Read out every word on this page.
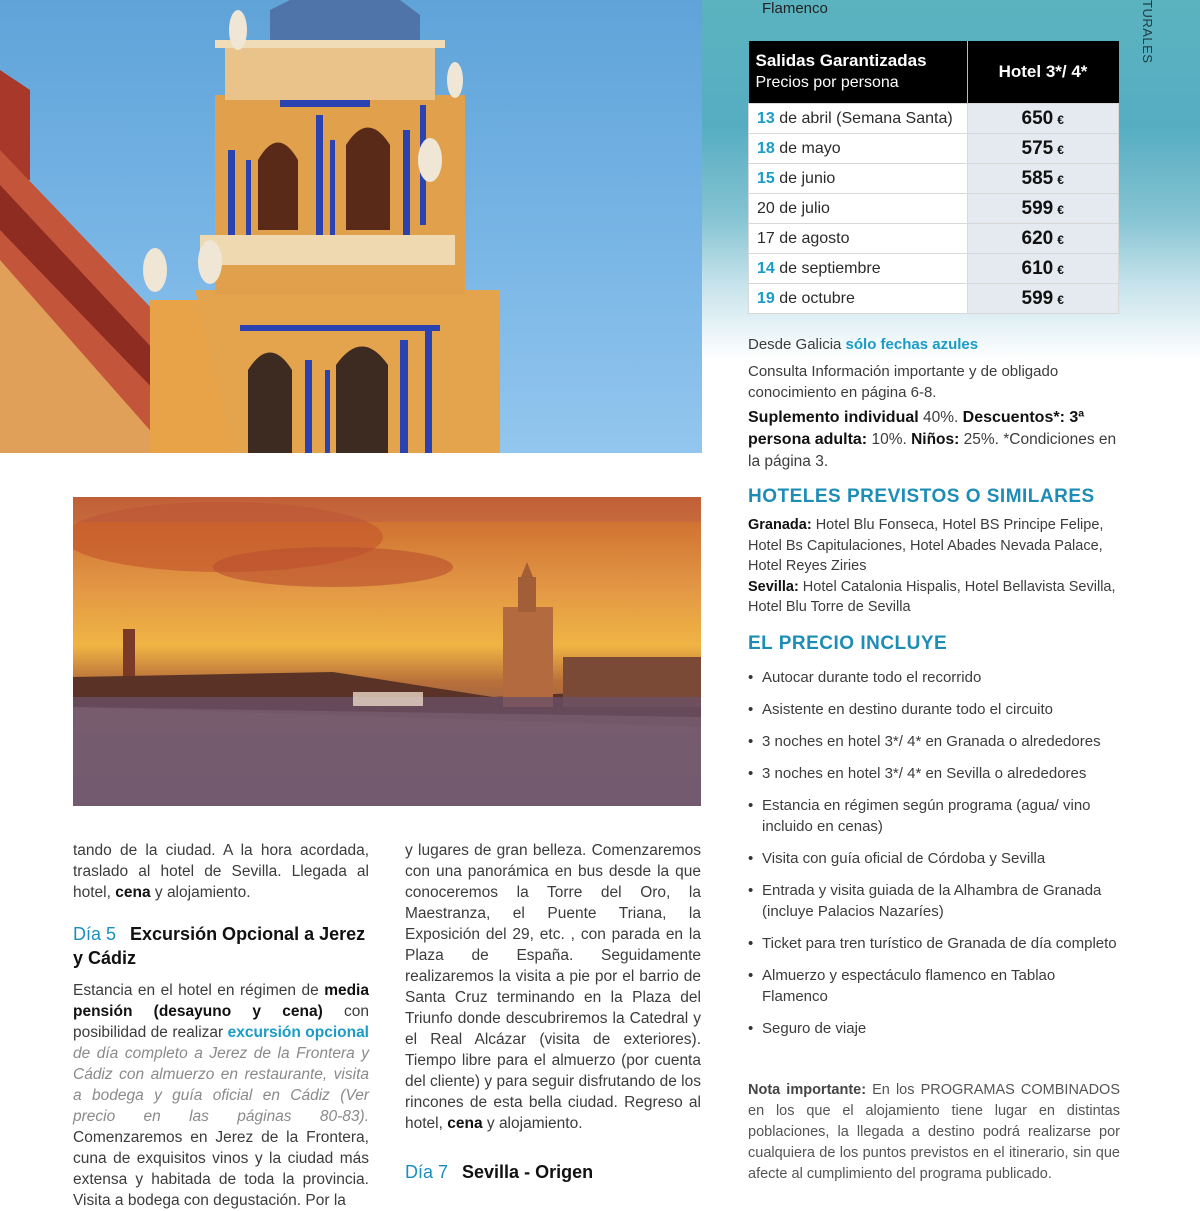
TURALES
Flamenco
Salidas Garantizadas
Precios por persona	Hotel 3*/ 4*
13 de abril (Semana Santa)	650 €
18 de mayo	575 €
15 de junio	585 €
20 de julio	599 €
17 de agosto	620 €
14 de septiembre	610 €
19 de octubre	599 €
Desde Galicia sólo fechas azules
Consulta Información importante y de obligado conocimiento en página 6-8.
Suplemento individual 40%. Descuentos*: 3ª persona adulta: 10%. Niños: 25%. *Condiciones en la página 3.
HOTELES PREVISTOS O SIMILARES
Granada: Hotel Blu Fonseca, Hotel BS Principe Felipe, Hotel Bs Capitulaciones, Hotel Abades Nevada Palace, Hotel Reyes Ziries
Sevilla: Hotel Catalonia Hispalis, Hotel Bellavista Sevilla, Hotel Blu Torre de Sevilla
EL PRECIO INCLUYE
• Autocar durante todo el recorrido
• Asistente en destino durante todo el circuito
• 3 noches en hotel 3*/ 4* en Granada o alrededores
• 3 noches en hotel 3*/ 4* en Sevilla o alrededores
• Estancia en régimen según programa (agua/ vino incluido en cenas)
• Visita con guía oficial de Córdoba y Sevilla
• Entrada y visita guiada de la Alhambra de Granada (incluye Palacios Nazaríes)
• Ticket para tren turístico de Granada de día completo
• Almuerzo y espectáculo flamenco en Tablao Flamenco
• Seguro de viaje
Nota importante: En los PROGRAMAS COMBINADOS en los que el alojamiento tiene lugar en distintas poblaciones, la llegada a destino podrá realizarse por cualquiera de los puntos previstos en el itinerario, sin que afecte al cumplimiento del programa publicado.
tando de la ciudad. A la hora acordada, traslado al hotel de Sevilla. Llegada al hotel, cena y alojamiento.
Día 5 Excursión Opcional a Jerez y Cádiz
Estancia en el hotel en régimen de media pensión (desayuno y cena) con posibilidad de realizar excursión opcional de día completo a Jerez de la Frontera y Cádiz con almuerzo en restaurante, visita a bodega y guía oficial en Cádiz (Ver precio en las páginas 80-83). Comenzaremos en Jerez de la Frontera, cuna de exquisitos vinos y la ciudad más extensa y habitada de toda la provincia. Visita a bodega con degustación. Por la
y lugares de gran belleza. Comenzaremos con una panorámica en bus desde la que conoceremos la Torre del Oro, la Maestranza, el Puente Triana, la Exposición del 29, etc. , con parada en la Plaza de España. Seguidamente realizaremos la visita a pie por el barrio de Santa Cruz terminando en la Plaza del Triunfo donde descubriremos la Catedral y el Real Alcázar (visita de exteriores). Tiempo libre para el almuerzo (por cuenta del cliente) y para seguir disfrutando de los rincones de esta bella ciudad. Regreso al hotel, cena y alojamiento.
Día 7 Sevilla - Origen
